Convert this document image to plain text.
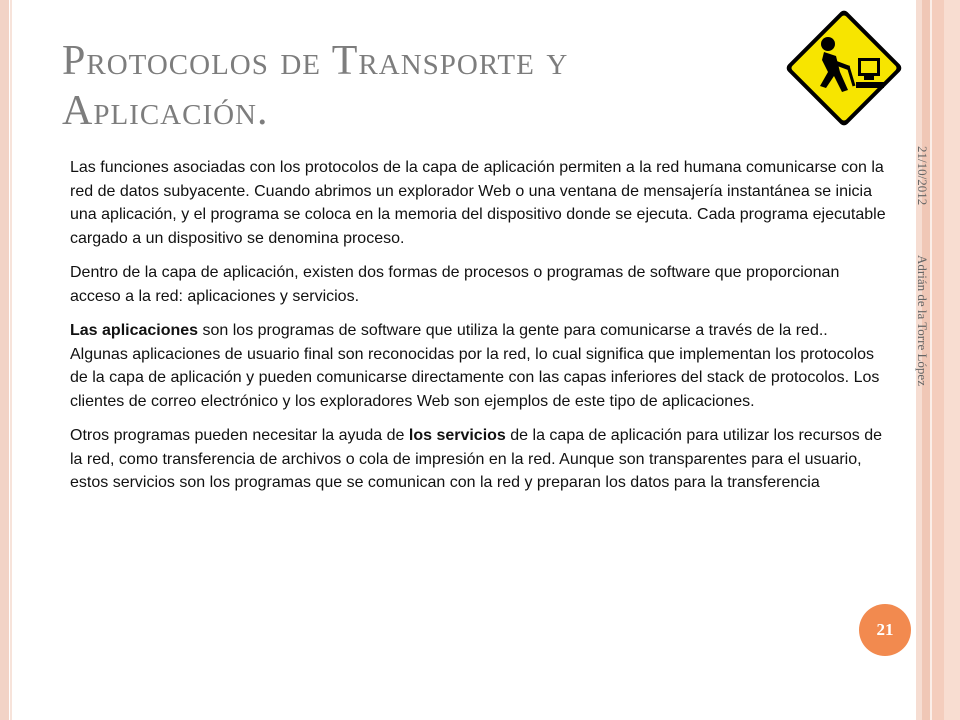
Protocolos de Transporte y
Aplicación.
21/10/2012
Adrián de la Torre López

Las funciones asociadas con los protocolos de la capa de aplicación permiten a la red humana comunicarse con la red de datos subyacente. Cuando abrimos un explorador Web o una ventana de mensajería instantánea se inicia una aplicación, y el programa se coloca en la memoria del dispositivo donde se ejecuta. Cada programa ejecutable cargado a un dispositivo se denomina proceso.

Dentro de la capa de aplicación, existen dos formas de procesos o programas de software que proporcionan acceso a la red: aplicaciones y servicios.

Las aplicaciones son los programas de software que utiliza la gente para comunicarse a través de la red.. Algunas aplicaciones de usuario final son reconocidas por la red, lo cual significa que implementan los protocolos de la capa de aplicación y pueden comunicarse directamente con las capas inferiores del stack de protocolos. Los clientes de correo electrónico y los exploradores Web son ejemplos de este tipo de aplicaciones.

Otros programas pueden necesitar la ayuda de los servicios de la capa de aplicación para utilizar los recursos de la red, como transferencia de archivos o cola de impresión en la red. Aunque son transparentes para el usuario, estos servicios son los programas que se comunican con la red y preparan los datos para la transferencia

21
